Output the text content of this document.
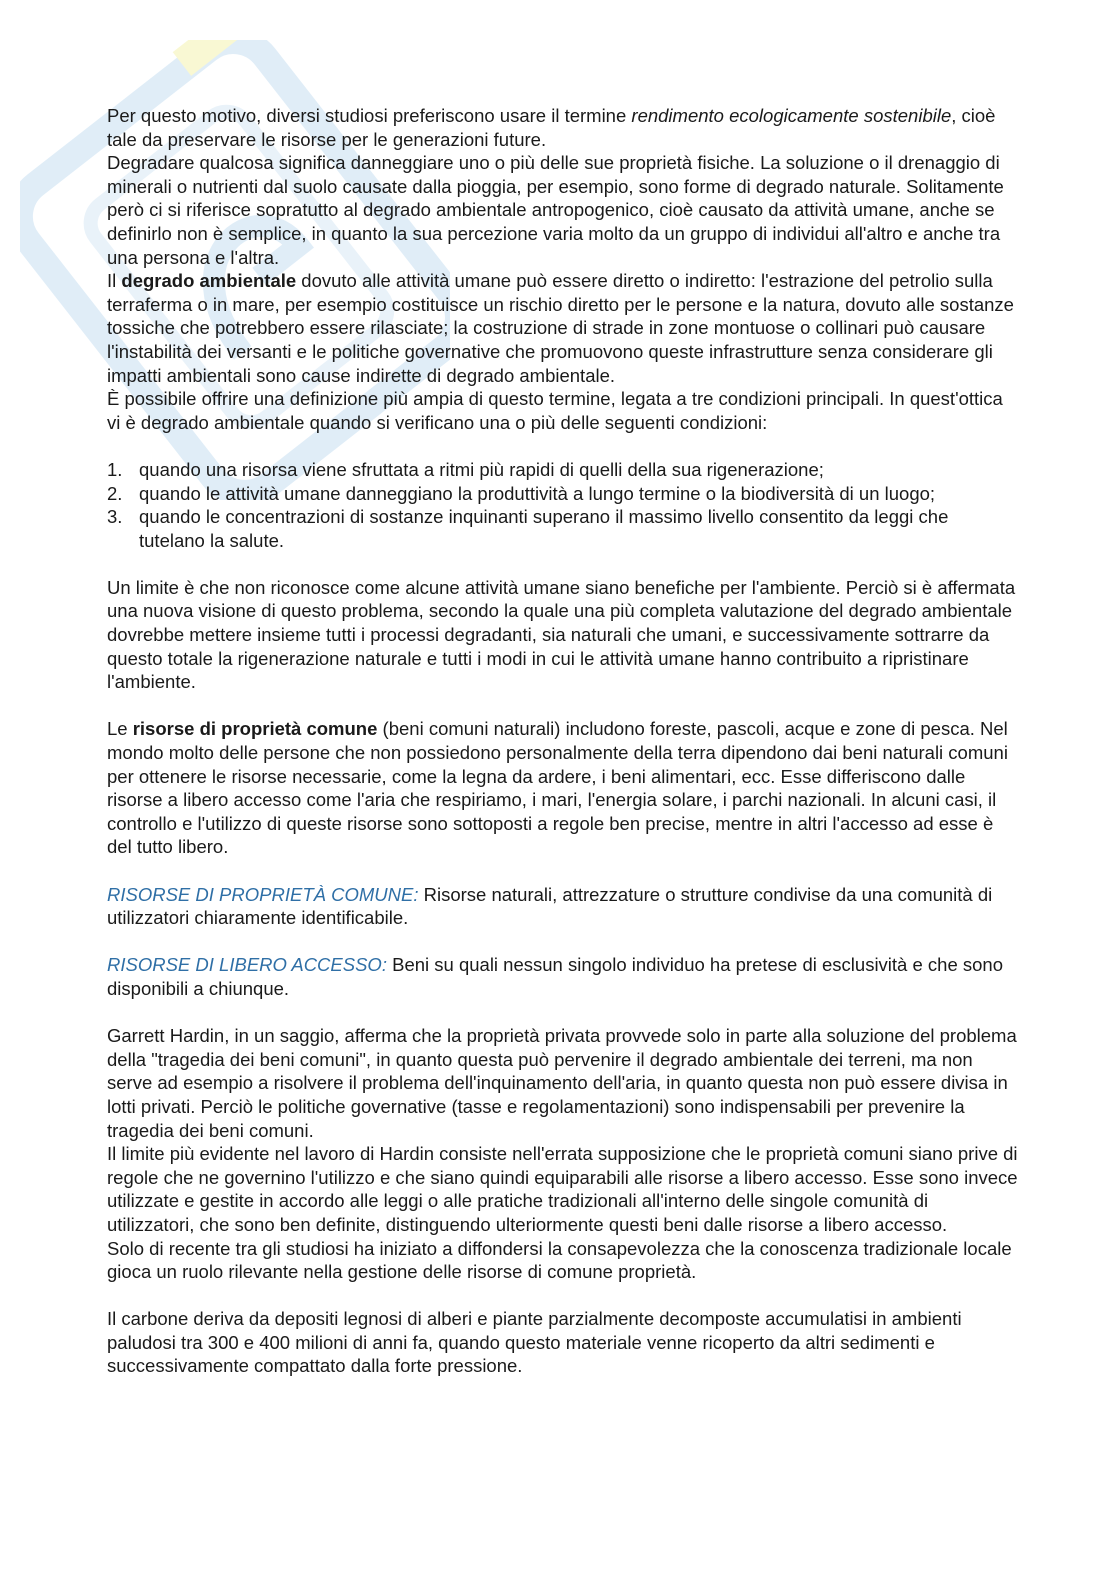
Per questo motivo, diversi studiosi preferiscono usare il termine rendimento ecologicamente sostenibile, cioè tale da preservare le risorse per le generazioni future.

Degradare qualcosa significa danneggiare uno o più delle sue proprietà fisiche. La soluzione o il drenaggio di minerali o nutrienti dal suolo causate dalla pioggia, per esempio, sono forme di degrado naturale. Solitamente però ci si riferisce sopratutto al degrado ambientale antropogenico, cioè causato da attività umane, anche se definirlo non è semplice, in quanto la sua percezione varia molto da un gruppo di individui all'altro e anche tra una persona e l'altra.

Il degrado ambientale dovuto alle attività umane può essere diretto o indiretto: l'estrazione del petrolio sulla terraferma o in mare, per esempio costituisce un rischio diretto per le persone e la natura, dovuto alle sostanze tossiche che potrebbero essere rilasciate; la costruzione di strade in zone montuose o collinari può causare l'instabilità dei versanti e le politiche governative che promuovono queste infrastrutture senza considerare gli impatti ambientali sono cause indirette di degrado ambientale.

È possibile offrire una definizione più ampia di questo termine, legata a tre condizioni principali. In quest'ottica vi è degrado ambientale quando si verificano una o più delle seguenti condizioni:

1. quando una risorsa viene sfruttata a ritmi più rapidi di quelli della sua rigenerazione;
2. quando le attività umane danneggiano la produttività a lungo termine o la biodiversità di un luogo;
3. quando le concentrazioni di sostanze inquinanti superano il massimo livello consentito da leggi che tutelano la salute.

Un limite è che non riconosce come alcune attività umane siano benefiche per l'ambiente. Perciò si è affermata una nuova visione di questo problema, secondo la quale una più completa valutazione del degrado ambientale dovrebbe mettere insieme tutti i processi degradanti, sia naturali che umani, e successivamente sottrarre da questo totale la rigenerazione naturale e tutti i modi in cui le attività umane hanno contribuito a ripristinare l'ambiente.

Le risorse di proprietà comune (beni comuni naturali) includono foreste, pascoli, acque e zone di pesca. Nel mondo molto delle persone che non possiedono personalmente della terra dipendono dai beni naturali comuni per ottenere le risorse necessarie, come la legna da ardere, i beni alimentari, ecc. Esse differiscono dalle risorse a libero accesso come l'aria che respiriamo, i mari, l'energia solare, i parchi nazionali. In alcuni casi, il controllo e l'utilizzo di queste risorse sono sottoposti a regole ben precise, mentre in altri l'accesso ad esse è del tutto libero.

RISORSE DI PROPRIETÀ COMUNE: Risorse naturali, attrezzature o strutture condivise da una comunità di utilizzatori chiaramente identificabile.

RISORSE DI LIBERO ACCESSO: Beni su quali nessun singolo individuo ha pretese di esclusività e che sono disponibili a chiunque.

Garrett Hardin, in un saggio, afferma che la proprietà privata provvede solo in parte alla soluzione del problema della "tragedia dei beni comuni", in quanto questa può pervenire il degrado ambientale dei terreni, ma non serve ad esempio a risolvere il problema dell'inquinamento dell'aria, in quanto questa non può essere divisa in lotti privati. Perciò le politiche governative (tasse e regolamentazioni) sono indispensabili per prevenire la tragedia dei beni comuni.

Il limite più evidente nel lavoro di Hardin consiste nell'errata supposizione che le proprietà comuni siano prive di regole che ne governino l'utilizzo e che siano quindi equiparabili alle risorse a libero accesso. Esse sono invece utilizzate e gestite in accordo alle leggi o alle pratiche tradizionali all'interno delle singole comunità di utilizzatori, che sono ben definite, distinguendo ulteriormente questi beni dalle risorse a libero accesso.

Solo di recente tra gli studiosi ha iniziato a diffondersi la consapevolezza che la conoscenza tradizionale locale gioca un ruolo rilevante nella gestione delle risorse di comune proprietà.

Il carbone deriva da depositi legnosi di alberi e piante parzialmente decomposte accumulatisi in ambienti paludosi tra 300 e 400 milioni di anni fa, quando questo materiale venne ricoperto da altri sedimenti e successivamente compattato dalla forte pressione.
